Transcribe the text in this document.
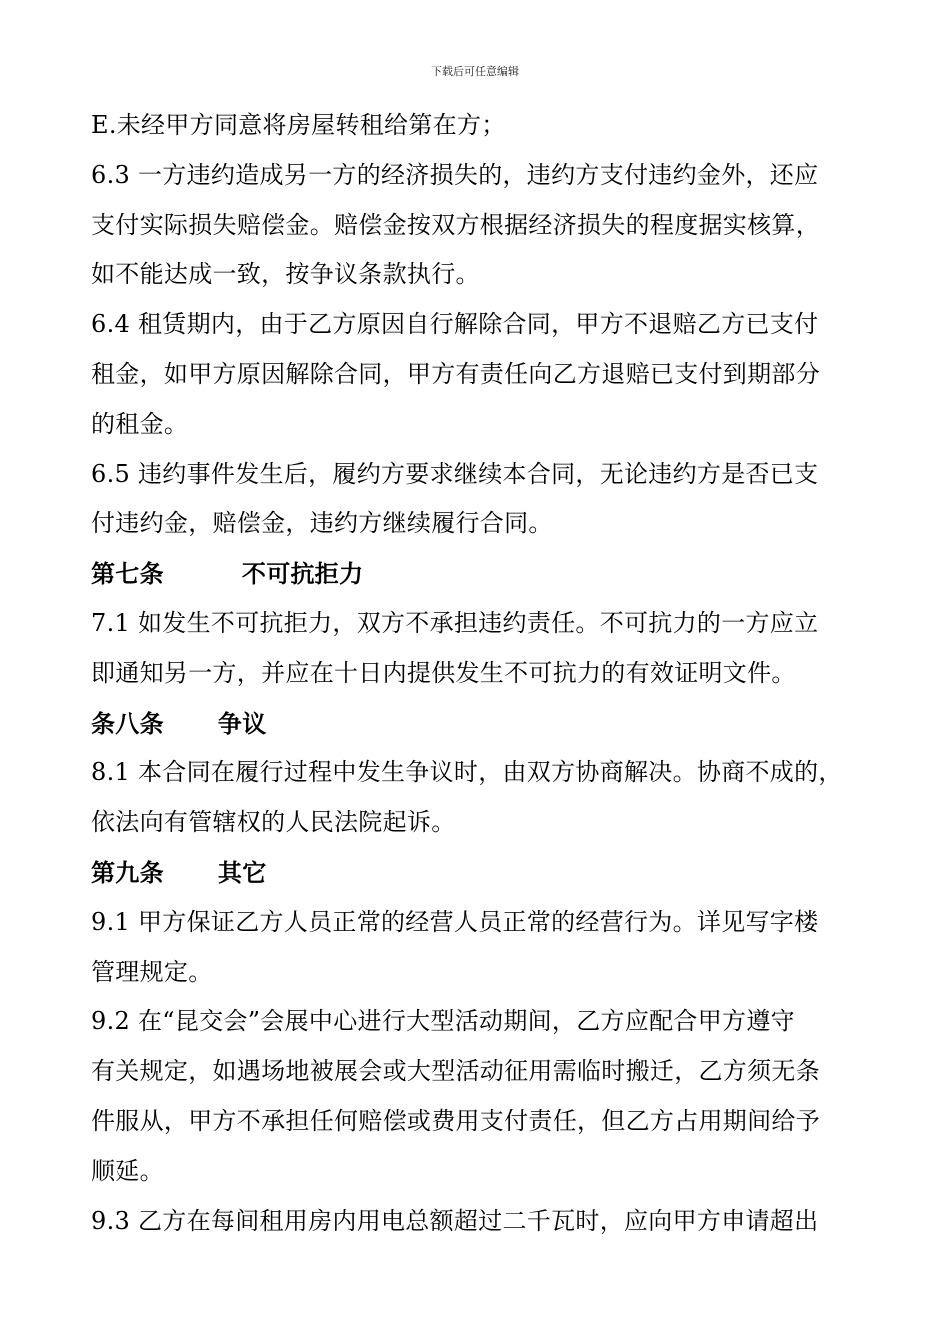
下载后可任意编辑
E.未经甲方同意将房屋转租给第在方；
6.3 一方违约造成另一方的经济损失的，违约方支付违约金外，还应
支付实际损失赔偿金。赔偿金按双方根据经济损失的程度据实核算，
如不能达成一致，按争议条款执行。
6.4 租赁期内，由于乙方原因自行解除合同，甲方不退赔乙方已支付
租金，如甲方原因解除合同，甲方有责任向乙方退赔已支付到期部分
的租金。
6.5 违约事件发生后，履约方要求继续本合同，无论违约方是否已支
付违约金，赔偿金，违约方继续履行合同。
第七条	不可抗拒力
7.1 如发生不可抗拒力，双方不承担违约责任。不可抗力的一方应立
即通知另一方，并应在十日内提供发生不可抗力的有效证明文件。
条八条 争议
8.1 本合同在履行过程中发生争议时，由双方协商解决。协商不成的，
依法向有管辖权的人民法院起诉。
第九条 其它
9.1 甲方保证乙方人员正常的经营人员正常的经营行为。详见写字楼
管理规定。
9.2 在“昆交会”会展中心进行大型活动期间，乙方应配合甲方遵守
有关规定，如遇场地被展会或大型活动征用需临时搬迁，乙方须无条
件服从，甲方不承担任何赔偿或费用支付责任，但乙方占用期间给予
顺延。
9.3 乙方在每间租用房内用电总额超过二千瓦时，应向甲方申请超出
